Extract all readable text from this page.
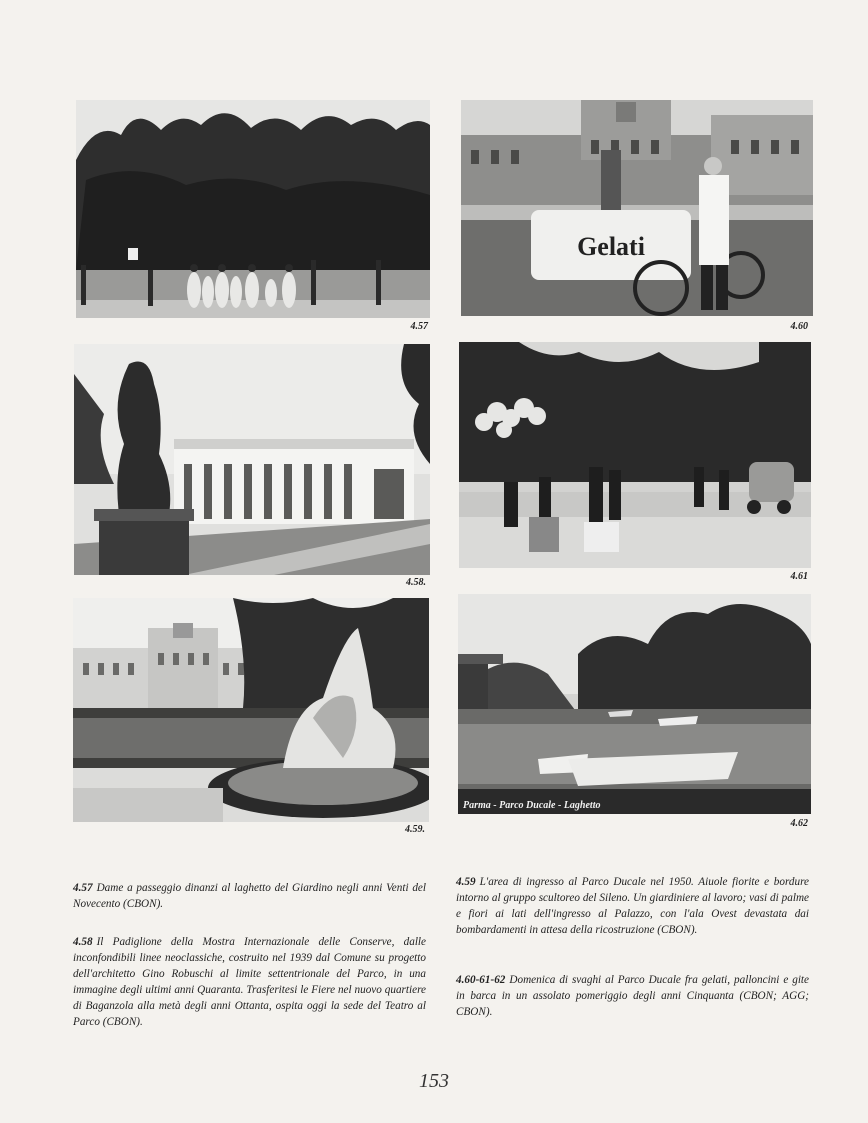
4.57
Gelati
4.60
4.58.
4.61
4.59.
Parma - Parco Ducale - Laghetto
4.62
4.57 Dame a passeggio dinanzi al laghetto del Giardino negli anni Venti del Novecento (CBON).
4.58 Il Padiglione della Mostra Internazionale delle Conserve, dalle inconfondibili linee neoclassiche, costruito nel 1939 dal Comune su progetto dell'architetto Gino Robuschi al limite settentrionale del Parco, in una immagine degli ultimi anni Quaranta. Trasferitesi le Fiere nel nuovo quartiere di Baganzola alla metà degli anni Ottanta, ospita oggi la sede del Teatro al Parco (CBON).
4.59 L'area di ingresso al Parco Ducale nel 1950. Aiuole fiorite e bordure intorno al gruppo scultoreo del Sileno. Un giardiniere al lavoro; vasi di palme e fiori ai lati dell'ingresso al Palazzo, con l'ala Ovest devastata dai bombardamenti in attesa della ricostruzione (CBON).
4.60-61-62 Domenica di svaghi al Parco Ducale fra gelati, palloncini e gite in barca in un assolato pomeriggio degli anni Cinquanta (CBON; AGG; CBON).
153
